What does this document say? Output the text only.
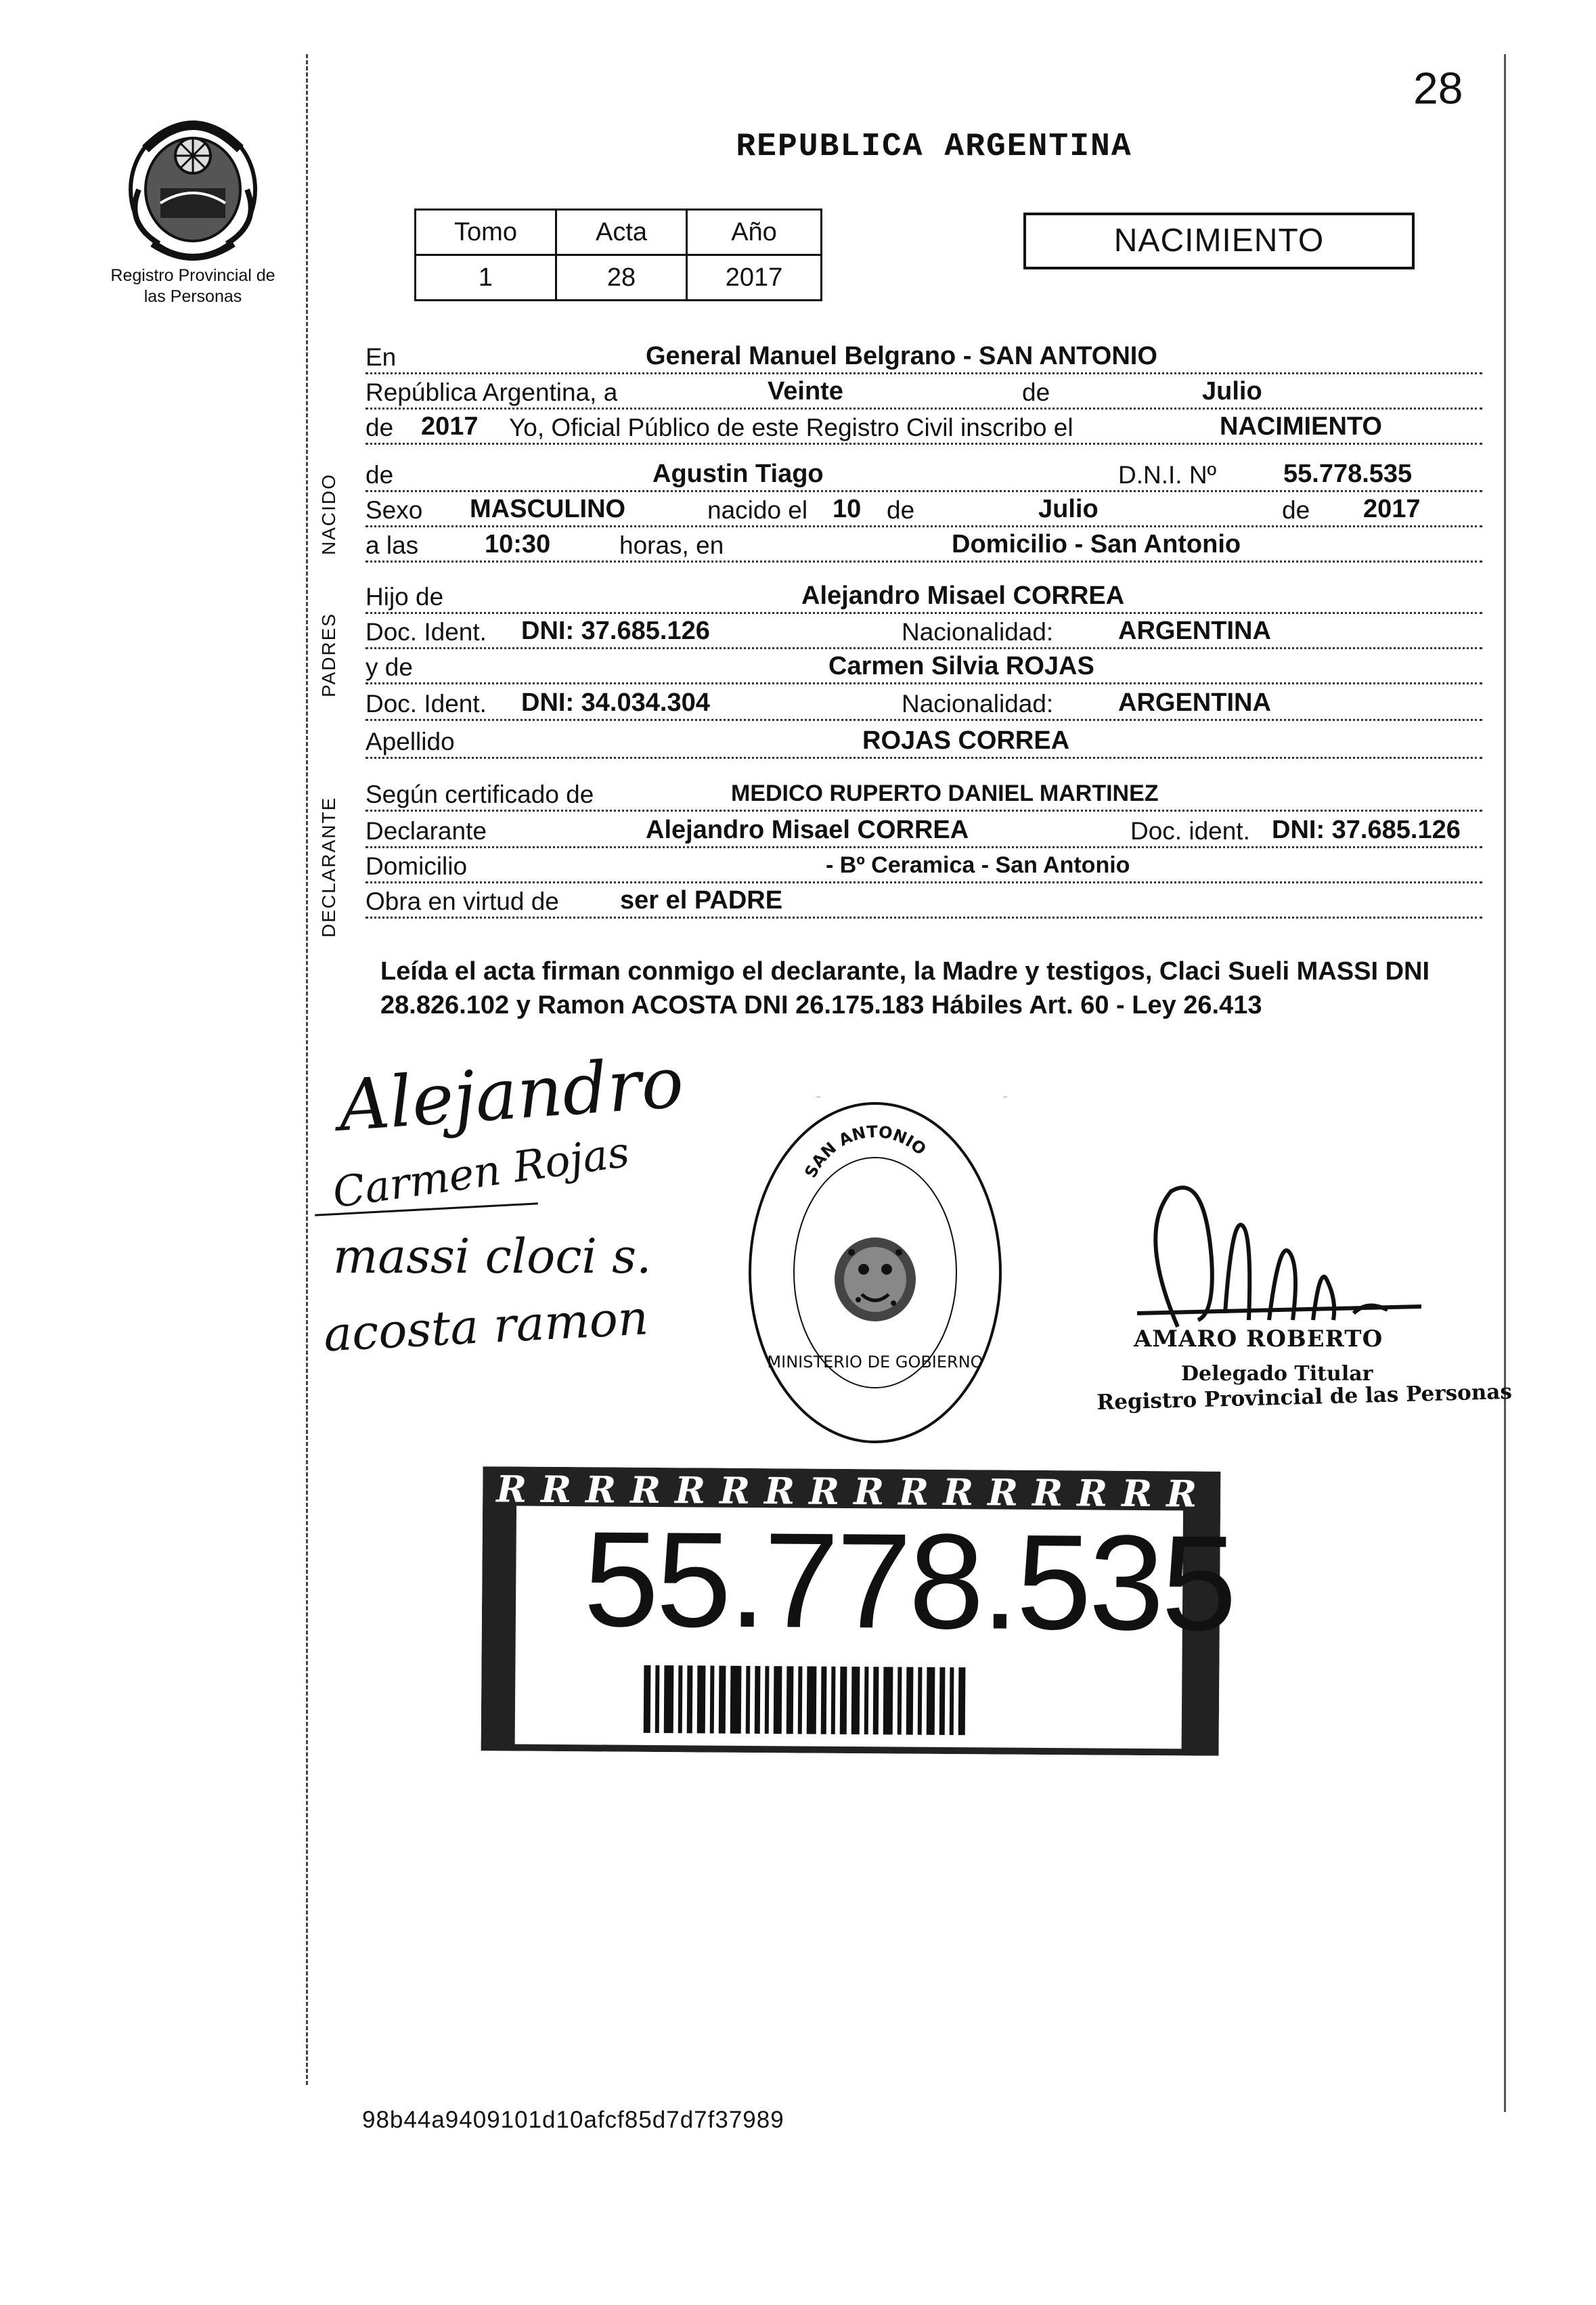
Registro Provincial de las Personas
28
REPUBLICA ARGENTINA
Tomo	Acta	Año
1	28	2017
NACIMIENTO
NACIDO
PADRES
DECLARANTE
En	General Manuel Belgrano - SAN ANTONIO
República Argentina, a	Veinte	de	Julio
de 2017 Yo, Oficial Público de este Registro Civil inscribo el	NACIMIENTO
de	Agustin Tiago	D.N.I. Nº	55.778.535
Sexo MASCULINO	nacido el 10 de	Julio	de 2017
a las	10:30	horas, en	Domicilio - San Antonio
Hijo de	Alejandro Misael CORREA
Doc. Ident. DNI: 37.685.126	Nacionalidad:	ARGENTINA
y de	Carmen Silvia ROJAS
Doc. Ident. DNI: 34.034.304	Nacionalidad:	ARGENTINA
Apellido	ROJAS CORREA
Según certificado de	MEDICO RUPERTO DANIEL MARTINEZ
Declarante	Alejandro Misael CORREA	Doc. ident. DNI: 37.685.126
Domicilio	- Bº Ceramica - San Antonio
Obra en virtud de ser el PADRE
Leída el acta firman conmigo el declarante, la Madre y testigos, Claci Sueli MASSI DNI 28.826.102 y Ramon ACOSTA DNI 26.175.183 Hábiles Art. 60 - Ley 26.413
Alejandro
Carmen Rojas
massi cloci s.
acosta ramon
SAN ANTONIO
MINISTERIO DE GOBIERNO
AMARO ROBERTO
Delegado Titular
Registro Provincial de las Personas
R R R R R R R R R R R R R R R R
55.778.535
98b44a9409101d10afcf85d7d7f37989
